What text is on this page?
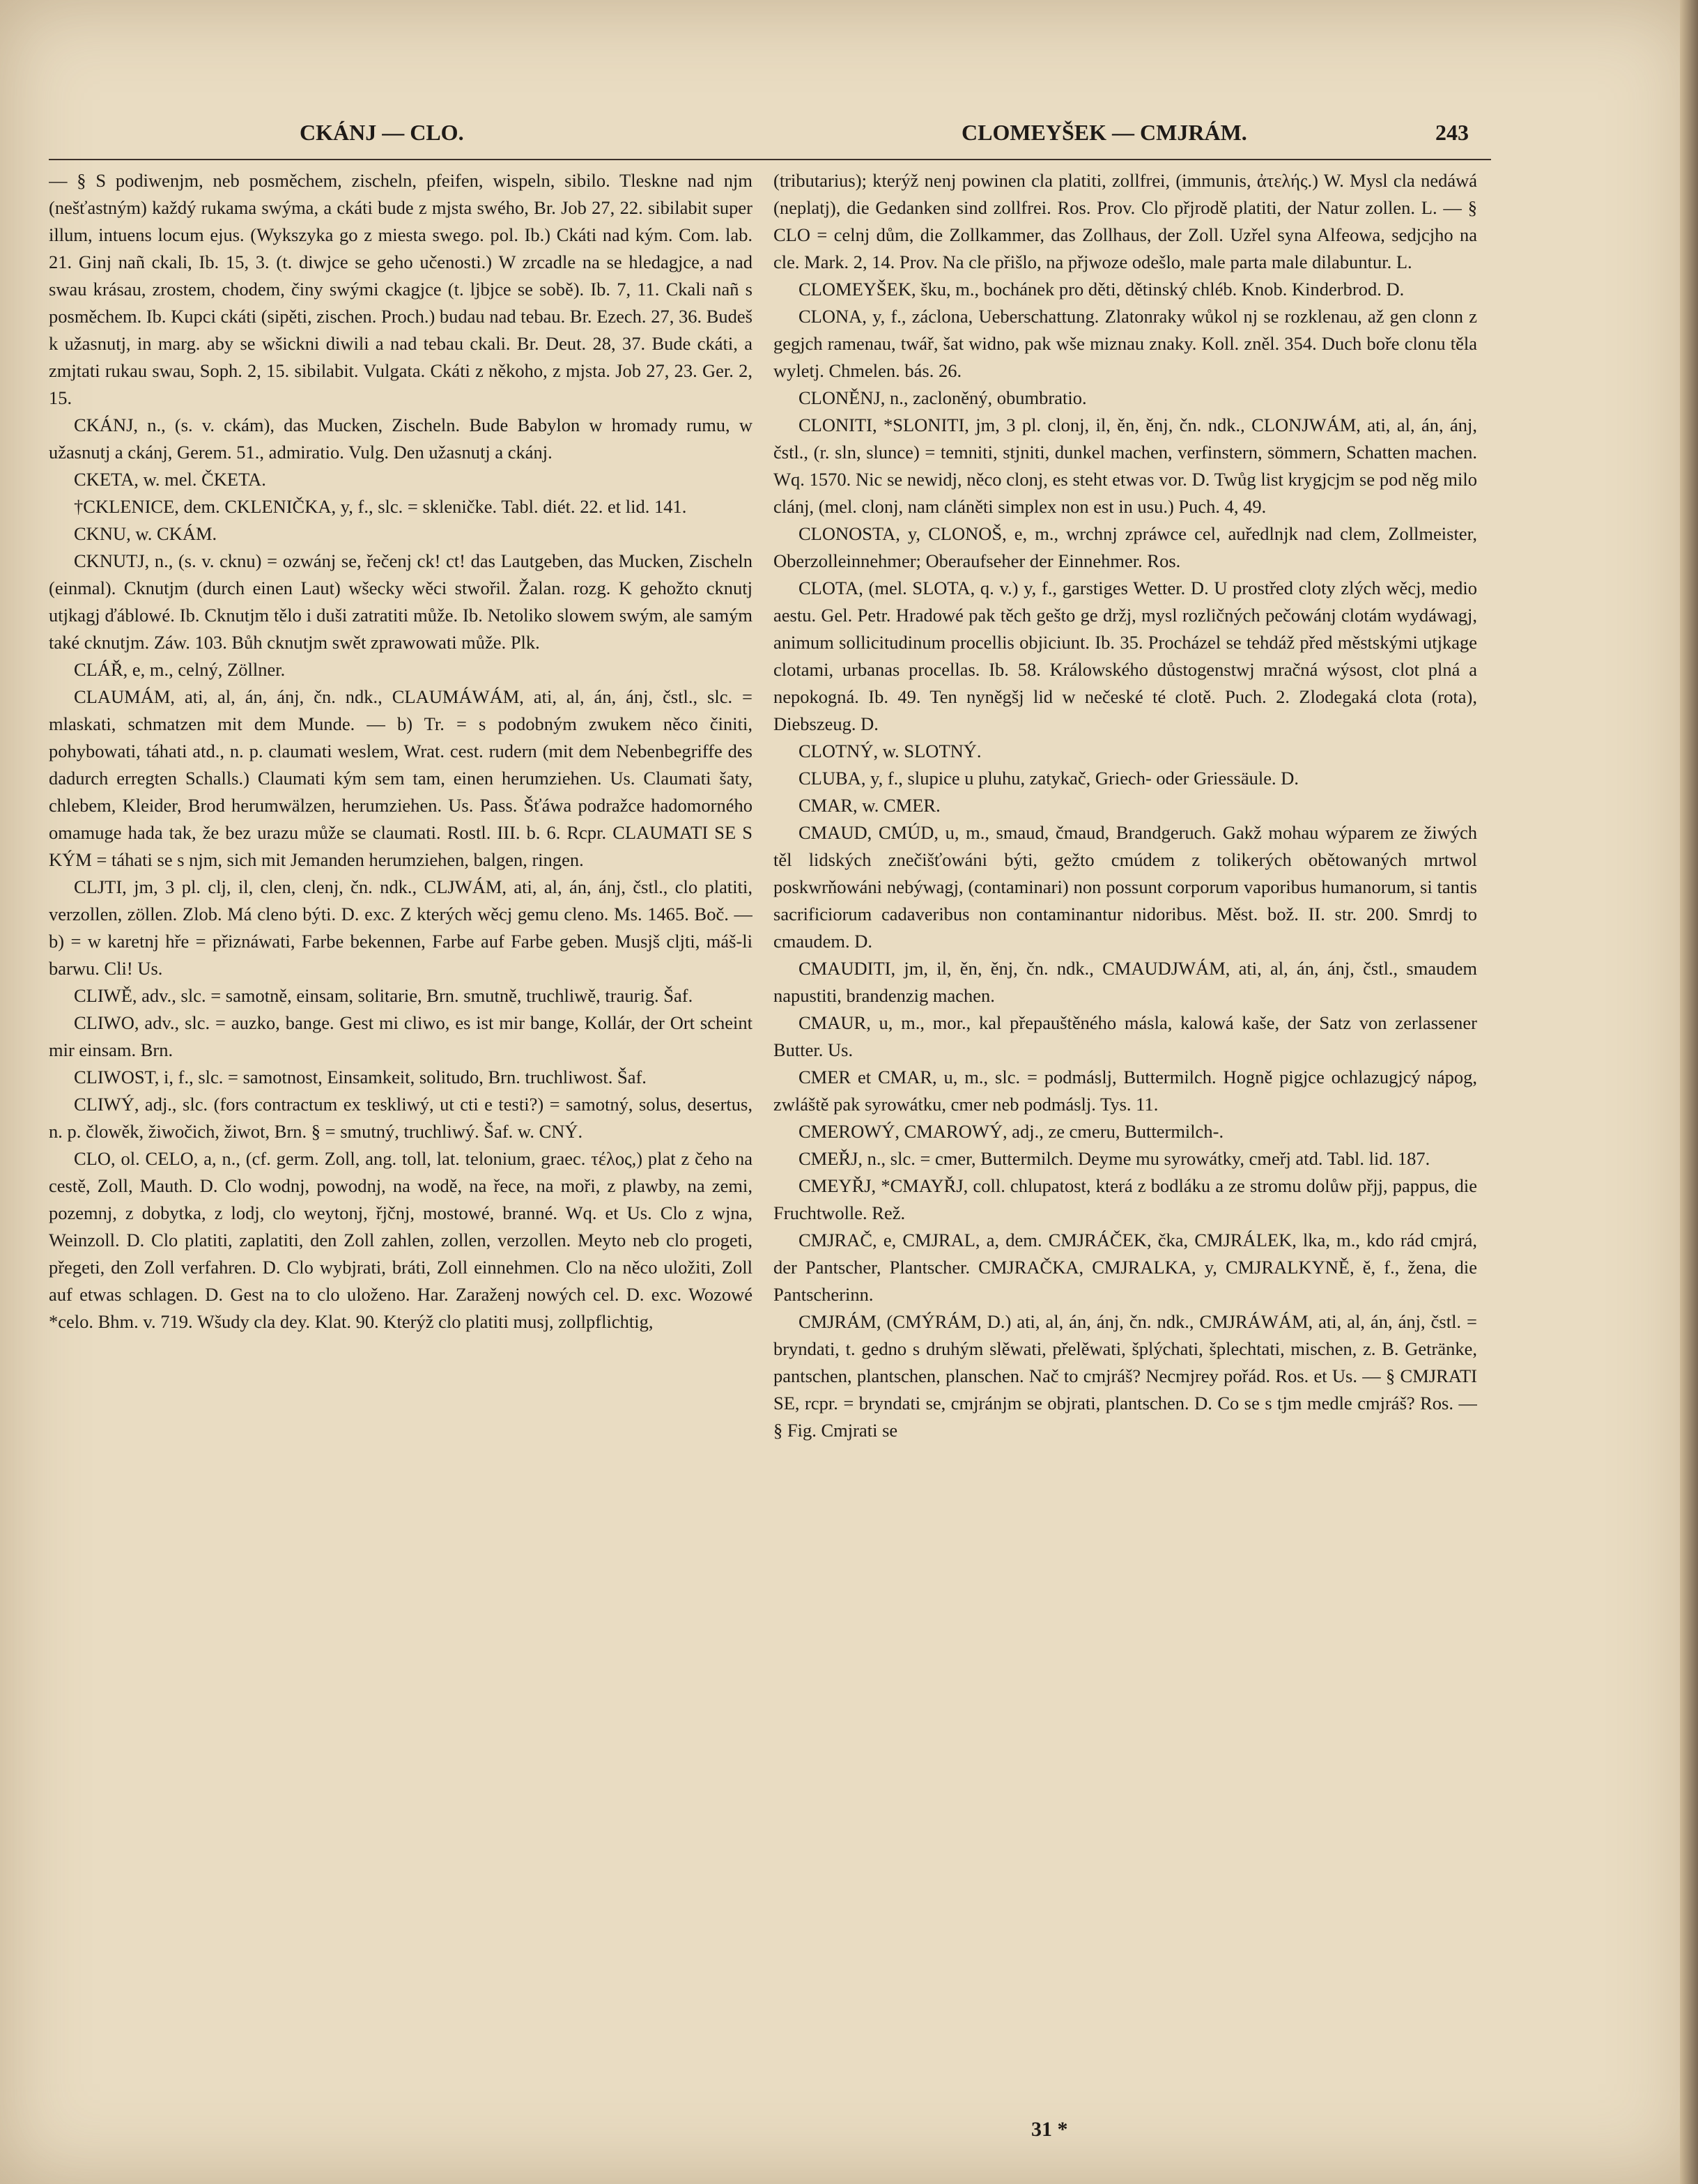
CKÁNJ — CLO.	CLOMEYŠEK — CMJRÁM.	243

— § S podiwenjm, neb posměchem, zischeln, pfeifen, wispeln, sibilo. Tleskne nad njm (nešťastným) každý rukama swýma, a ckáti bude z mjsta swého, Br. Job 27, 22. sibilabit super illum, intuens locum ejus. (Wykszyka go z miesta swego. pol. Ib.) Ckáti nad kým. Com. lab. 21. Ginj nañ ckali, Ib. 15, 3. (t. diwjce se geho učenosti.) W zrcadle na se hledagjce, a nad swau krásau, zrostem, chodem, činy swými ckagjce (t. ljbjce se sobě). Ib. 7, 11. Ckali nañ s posměchem. Ib. Kupci ckáti (sipěti, zischen. Proch.) budau nad tebau. Br. Ezech. 27, 36. Budeš k užasnutj, in marg. aby se wšickni diwili a nad tebau ckali. Br. Deut. 28, 37. Bude ckáti, a zmjtati rukau swau, Soph. 2, 15. sibilabit. Vulgata. Ckáti z někoho, z mjsta. Job 27, 23. Ger. 2, 15.

CKÁNJ, n., (s. v. ckám), das Mucken, Zischeln. Bude Babylon w hromady rumu, w užasnutj a ckánj, Gerem. 51., admiratio. Vulg. Den užasnutj a ckánj.

CKETA, w. mel. ČKETA.

†CKLENICE, dem. CKLENIČKA, y, f., slc. = skleničke. Tabl. diét. 22. et lid. 141.

CKNU, w. CKÁM.

CKNUTJ, n., (s. v. cknu) = ozwánj se, řečenj ck! ct! das Lautgeben, das Mucken, Zischeln (einmal). Cknutjm (durch einen Laut) wšecky wěci stwořil. Žalan. rozg. K gehožto cknutj utjkagj ďáblowé. Ib. Cknutjm tělo i duši zatratiti může. Ib. Netoliko slowem swým, ale samým také cknutjm. Záw. 103. Bůh cknutjm swět zprawowati může. Plk.

CLÁŘ, e, m., celný, Zöllner.

CLAUMÁM, ati, al, án, ánj, čn. ndk., CLAUMÁWÁM, ati, al, án, ánj, čstl., slc. = mlaskati, schmatzen mit dem Munde. — b) Tr. = s podobným zwukem něco činiti, pohybowati, táhati atd., n. p. claumati weslem, Wrat. cest. rudern (mit dem Nebenbegriffe des dadurch erregten Schalls.) Claumati kým sem tam, einen herumziehen. Us. Claumati šaty, chlebem, Kleider, Brod herumwälzen, herumziehen. Us. Pass. Šťáwa podražce hadomorného omamuge hada tak, že bez urazu může se claumati. Rostl. III. b. 6. Rcpr. CLAUMATI SE S KÝM = táhati se s njm, sich mit Jemanden herumziehen, balgen, ringen.

CLJTI, jm, 3 pl. clj, il, clen, clenj, čn. ndk., CLJWÁM, ati, al, án, ánj, čstl., clo platiti, verzollen, zöllen. Zlob. Má cleno býti. D. exc. Z kterých wěcj gemu cleno. Ms. 1465. Boč. — b) = w karetnj hře = přiznáwati, Farbe bekennen, Farbe auf Farbe geben. Musjš cljti, máš-li barwu. Cli! Us.

CLIWĚ, adv., slc. = samotně, einsam, solitarie, Brn. smutně, truchliwě, traurig. Šaf.

CLIWO, adv., slc. = auzko, bange. Gest mi cliwo, es ist mir bange, Kollár, der Ort scheint mir einsam. Brn.

CLIWOST, i, f., slc. = samotnost, Einsamkeit, solitudo, Brn. truchliwost. Šaf.

CLIWÝ, adj., slc. (fors contractum ex teskliwý, ut cti e testi?) = samotný, solus, desertus, n. p. člowěk, žiwočich, žiwot, Brn. § = smutný, truchliwý. Šaf. w. CNÝ.

CLO, ol. CELO, a, n., (cf. germ. Zoll, ang. toll, lat. telonium, graec. τέλος,) plat z čeho na cestě, Zoll, Mauth. D. Clo wodnj, powodnj, na wodě, na řece, na moři, z plawby, na zemi, pozemnj, z dobytka, z lodj, clo weytonj, řjčnj, mostowé, branné. Wq. et Us. Clo z wjna, Weinzoll. D. Clo platiti, zaplatiti, den Zoll zahlen, zollen, verzollen. Meyto neb clo progeti, přegeti, den Zoll verfahren. D. Clo wybjrati, bráti, Zoll einnehmen. Clo na něco uložiti, Zoll auf etwas schlagen. D. Gest na to clo uloženo. Har. Zaraženj nowých cel. D. exc. Wozowé *celo. Bhm. v. 719. Wšudy cla dey. Klat. 90. Kterýž clo platiti musj, zollpflichtig,

(tributarius); kterýž nenj powinen cla platiti, zollfrei, (immunis, ἀτελής.) W. Mysl cla nedáwá (neplatj), die Gedanken sind zollfrei. Ros. Prov. Clo přjrodě platiti, der Natur zollen. L. — § CLO = celnj dům, die Zollkammer, das Zollhaus, der Zoll. Uzřel syna Alfeowa, sedjcjho na cle. Mark. 2, 14. Prov. Na cle přišlo, na přjwoze odešlo, male parta male dilabuntur. L.

CLOMEYŠEK, šku, m., bochánek pro děti, dětinský chléb. Knob. Kinderbrod. D.

CLONA, y, f., záclona, Ueberschattung. Zlatonraky wůkol nj se rozklenau, až gen clonn z gegjch ramenau, twář, šat widno, pak wše miznau znaky. Koll. zněl. 354. Duch boře clonu těla wyletj. Chmelen. bás. 26.

CLONĚNJ, n., zacloněný, obumbratio.

CLONITI, *SLONITI, jm, 3 pl. clonj, il, ěn, ěnj, čn. ndk., CLONJWÁM, ati, al, án, ánj, čstl., (r. sln, slunce) = temniti, stjniti, dunkel machen, verfinstern, sömmern, Schatten machen. Wq. 1570. Nic se newidj, něco clonj, es steht etwas vor. D. Twůg list krygjcjm se pod něg milo clánj, (mel. clonj, nam cláněti simplex non est in usu.) Puch. 4, 49.

CLONOSTA, y, CLONOŠ, e, m., wrchnj zpráwce cel, auředlnjk nad clem, Zollmeister, Oberzolleinnehmer; Oberaufseher der Einnehmer. Ros.

CLOTA, (mel. SLOTA, q. v.) y, f., garstiges Wetter. D. U prostřed cloty zlých wěcj, medio aestu. Gel. Petr. Hradowé pak těch gešto ge držj, mysl rozličných pečowánj clotám wydáwagj, animum sollicitudinum procellis objiciunt. Ib. 35. Procházel se tehdáž před městskými utjkage clotami, urbanas procellas. Ib. 58. Králowského důstogenstwj mračná wýsost, clot plná a nepokogná. Ib. 49. Ten nyněgšj lid w nečeské té clotě. Puch. 2. Zlodegaká clota (rota), Diebszeug. D.

CLOTNÝ, w. SLOTNÝ.

CLUBA, y, f., slupice u pluhu, zatykač, Griech- oder Griessäule. D.

CMAR, w. CMER.

CMAUD, CMÚD, u, m., smaud, čmaud, Brandgeruch. Gakž mohau wýparem ze žiwých těl lidských znečišťowáni býti, gežto cmúdem z tolikerých obětowaných mrtwol poskwrňowáni nebýwagj, (contaminari) non possunt corporum vaporibus humanorum, si tantis sacrificiorum cadaveribus non contaminantur nidoribus. Měst. bož. II. str. 200. Smrdj to cmaudem. D.

CMAUDITI, jm, il, ěn, ěnj, čn. ndk., CMAUDJWÁM, ati, al, án, ánj, čstl., smaudem napustiti, brandenzig machen.

CMAUR, u, m., mor., kal přepauštěného másla, kalowá kaše, der Satz von zerlassener Butter. Us.

CMER et CMAR, u, m., slc. = podmáslj, Buttermilch. Hogně pigjce ochlazugjcý nápog, zwláště pak syrowátku, cmer neb podmáslj. Tys. 11.

CMEROWÝ, CMAROWÝ, adj., ze cmeru, Buttermilch-.

CMEŘJ, n., slc. = cmer, Buttermilch. Deyme mu syrowátky, cmeřj atd. Tabl. lid. 187.

CMEYŘJ, *CMAYŘJ, coll. chlupatost, která z bodláku a ze stromu dolůw přjj, pappus, die Fruchtwolle. Rež.

CMJRAČ, e, CMJRAL, a, dem. CMJRÁČEK, čka, CMJRÁLEK, lka, m., kdo rád cmjrá, der Pantscher, Plantscher. CMJRAČKA, CMJRALKA, y, CMJRALKYNĚ, ě, f., žena, die Pantscherinn.

CMJRÁM, (CMÝRÁM, D.) ati, al, án, ánj, čn. ndk., CMJRÁWÁM, ati, al, án, ánj, čstl. = bryndati, t. gedno s druhým slěwati, přelěwati, šplýchati, šplechtati, mischen, z. B. Getränke, pantschen, plantschen, planschen. Nač to cmjráš? Necmjrey pořád. Ros. et Us. — § CMJRATI SE, rcpr. = bryndati se, cmjránjm se objrati, plantschen. D. Co se s tjm medle cmjráš? Ros. — § Fig. Cmjrati se

31 *
